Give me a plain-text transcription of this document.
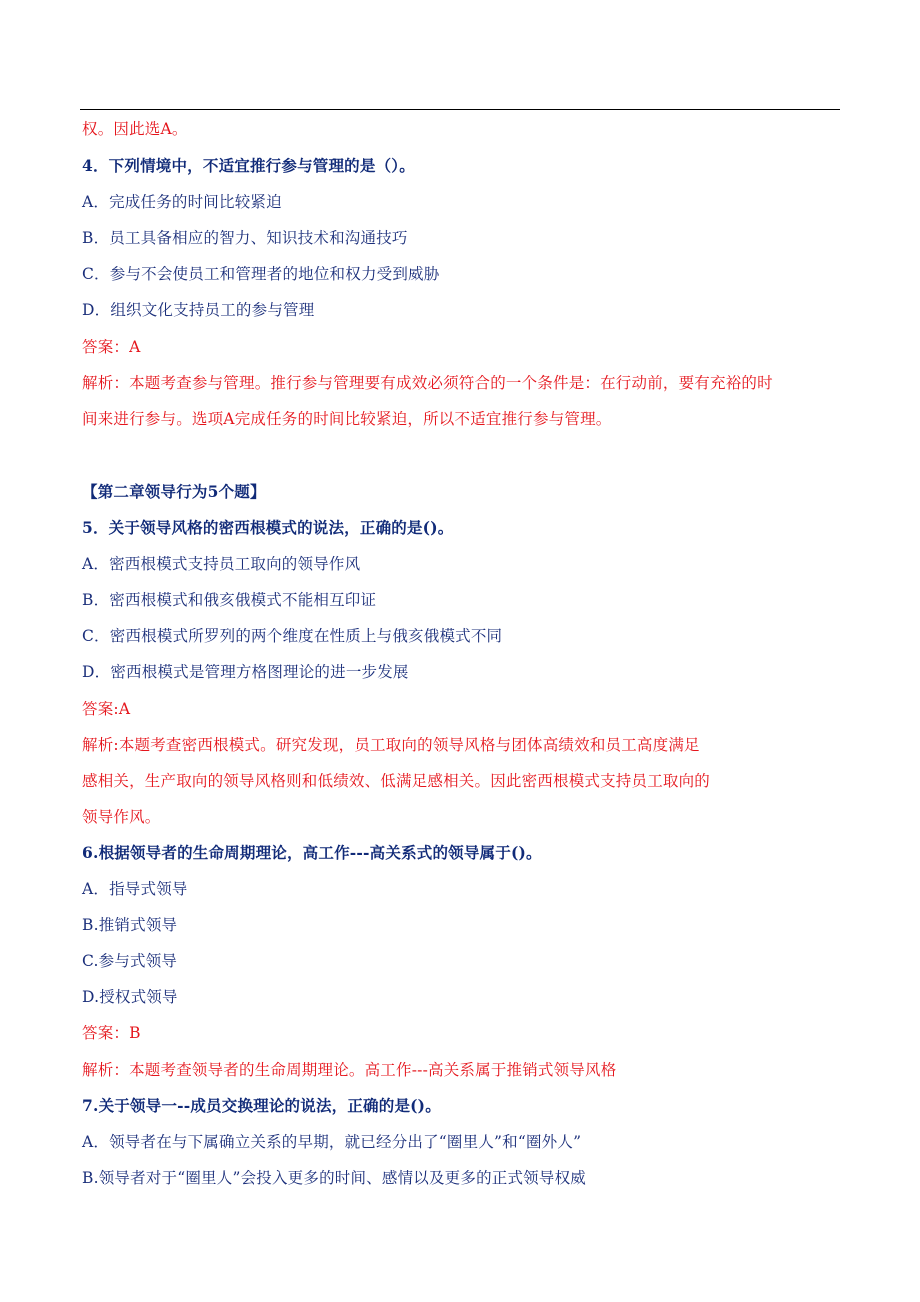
权。因此选A。
4．下列情境中，不适宜推行参与管理的是（）。
A．完成任务的时间比较紧迫
B．员工具备相应的智力、知识技术和沟通技巧
C．参与不会使员工和管理者的地位和权力受到威胁
D．组织文化支持员工的参与管理
答案：A
解析：本题考查参与管理。推行参与管理要有成效必须符合的一个条件是：在行动前，要有充裕的时
间来进行参与。选项A完成任务的时间比较紧迫，所以不适宜推行参与管理。
【第二章领导行为5个题】
5．关于领导风格的密西根模式的说法，正确的是()。
A．密西根模式支持员工取向的领导作风
B．密西根模式和俄亥俄模式不能相互印证
C．密西根模式所罗列的两个维度在性质上与俄亥俄模式不同
D．密西根模式是管理方格图理论的进一步发展
答案:A
解析:本题考查密西根模式。研究发现，员工取向的领导风格与团体高绩效和员工高度满足
感相关，生产取向的领导风格则和低绩效、低满足感相关。因此密西根模式支持员工取向的
领导作风。
6.根据领导者的生命周期理论，高工作---高关系式的领导属于()。
A．指导式领导
B.推销式领导
C.参与式领导
D.授权式领导
答案：B
解析：本题考查领导者的生命周期理论。高工作---高关系属于推销式领导风格
7.关于领导一--成员交换理论的说法，正确的是()。
A．领导者在与下属确立关系的早期，就已经分出了“圈里人”和“圈外人”
B.领导者对于“圈里人”会投入更多的时间、感情以及更多的正式领导权威
